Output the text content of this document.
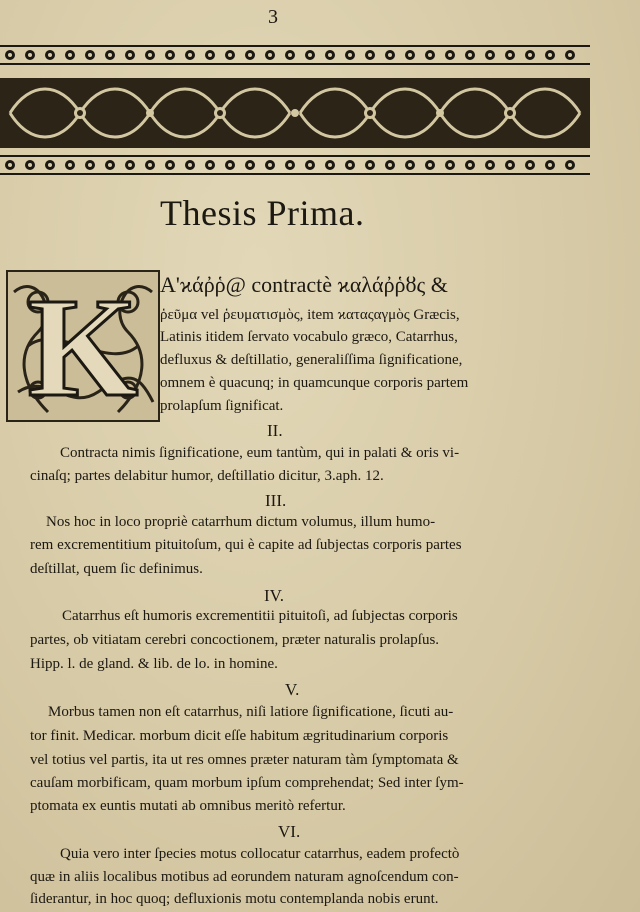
3
Thesis Prima.
K Α'ϰάῤῥ@ contractè ϰαλάῤῥȣς &
ῥεῦμα vel ῥευματισμὸς, item ϰαταςαγμὸς Græcis,
Latinis itidem ſervato vocabulo græco, Catarrhus,
defluxus & deſtillatio, generaliſſima ſignificatione,
omnem è quacunq; in quamcunque corporis partem
prolapſum ſignificat.
II.
Contracta nimis ſignificatione, eum tantùm, qui in palati & oris vi-
cinaſq; partes delabitur humor, deſtillatio dicitur, 3.aph. 12.
III.
Nos hoc in loco propriè catarrhum dictum volumus, illum humo-
rem excrementitium pituitoſum, qui è capite ad ſubjectas corporis partes
deſtillat, quem ſic definimus.
IV.
Catarrhus eſt humoris excrementitii pituitoſi, ad ſubjectas corporis
partes, ob vitiatam cerebri concoctionem, præter naturalis prolapſus.
Hipp. l. de gland. & lib. de lo. in homine.
V.
Morbus tamen non eſt catarrhus, niſi latiore ſignificatione, ſicuti au-
tor finit. Medicar. morbum dicit eſſe habitum ægritudinarium corporis
vel totius vel partis, ita ut res omnes præter naturam tàm ſymptomata &
cauſam morbificam, quam morbum ipſum comprehendat; Sed inter ſym-
ptomata ex euntis mutati ab omnibus meritò refertur.
VI.
Quia vero inter ſpecies motus collocatur catarrhus, eadem profectò
quæ in aliis localibus motibus ad eorundem naturam agnoſcendum con-
ſiderantur, in hoc quoq; defluxionis motu contemplanda nobis erunt.
